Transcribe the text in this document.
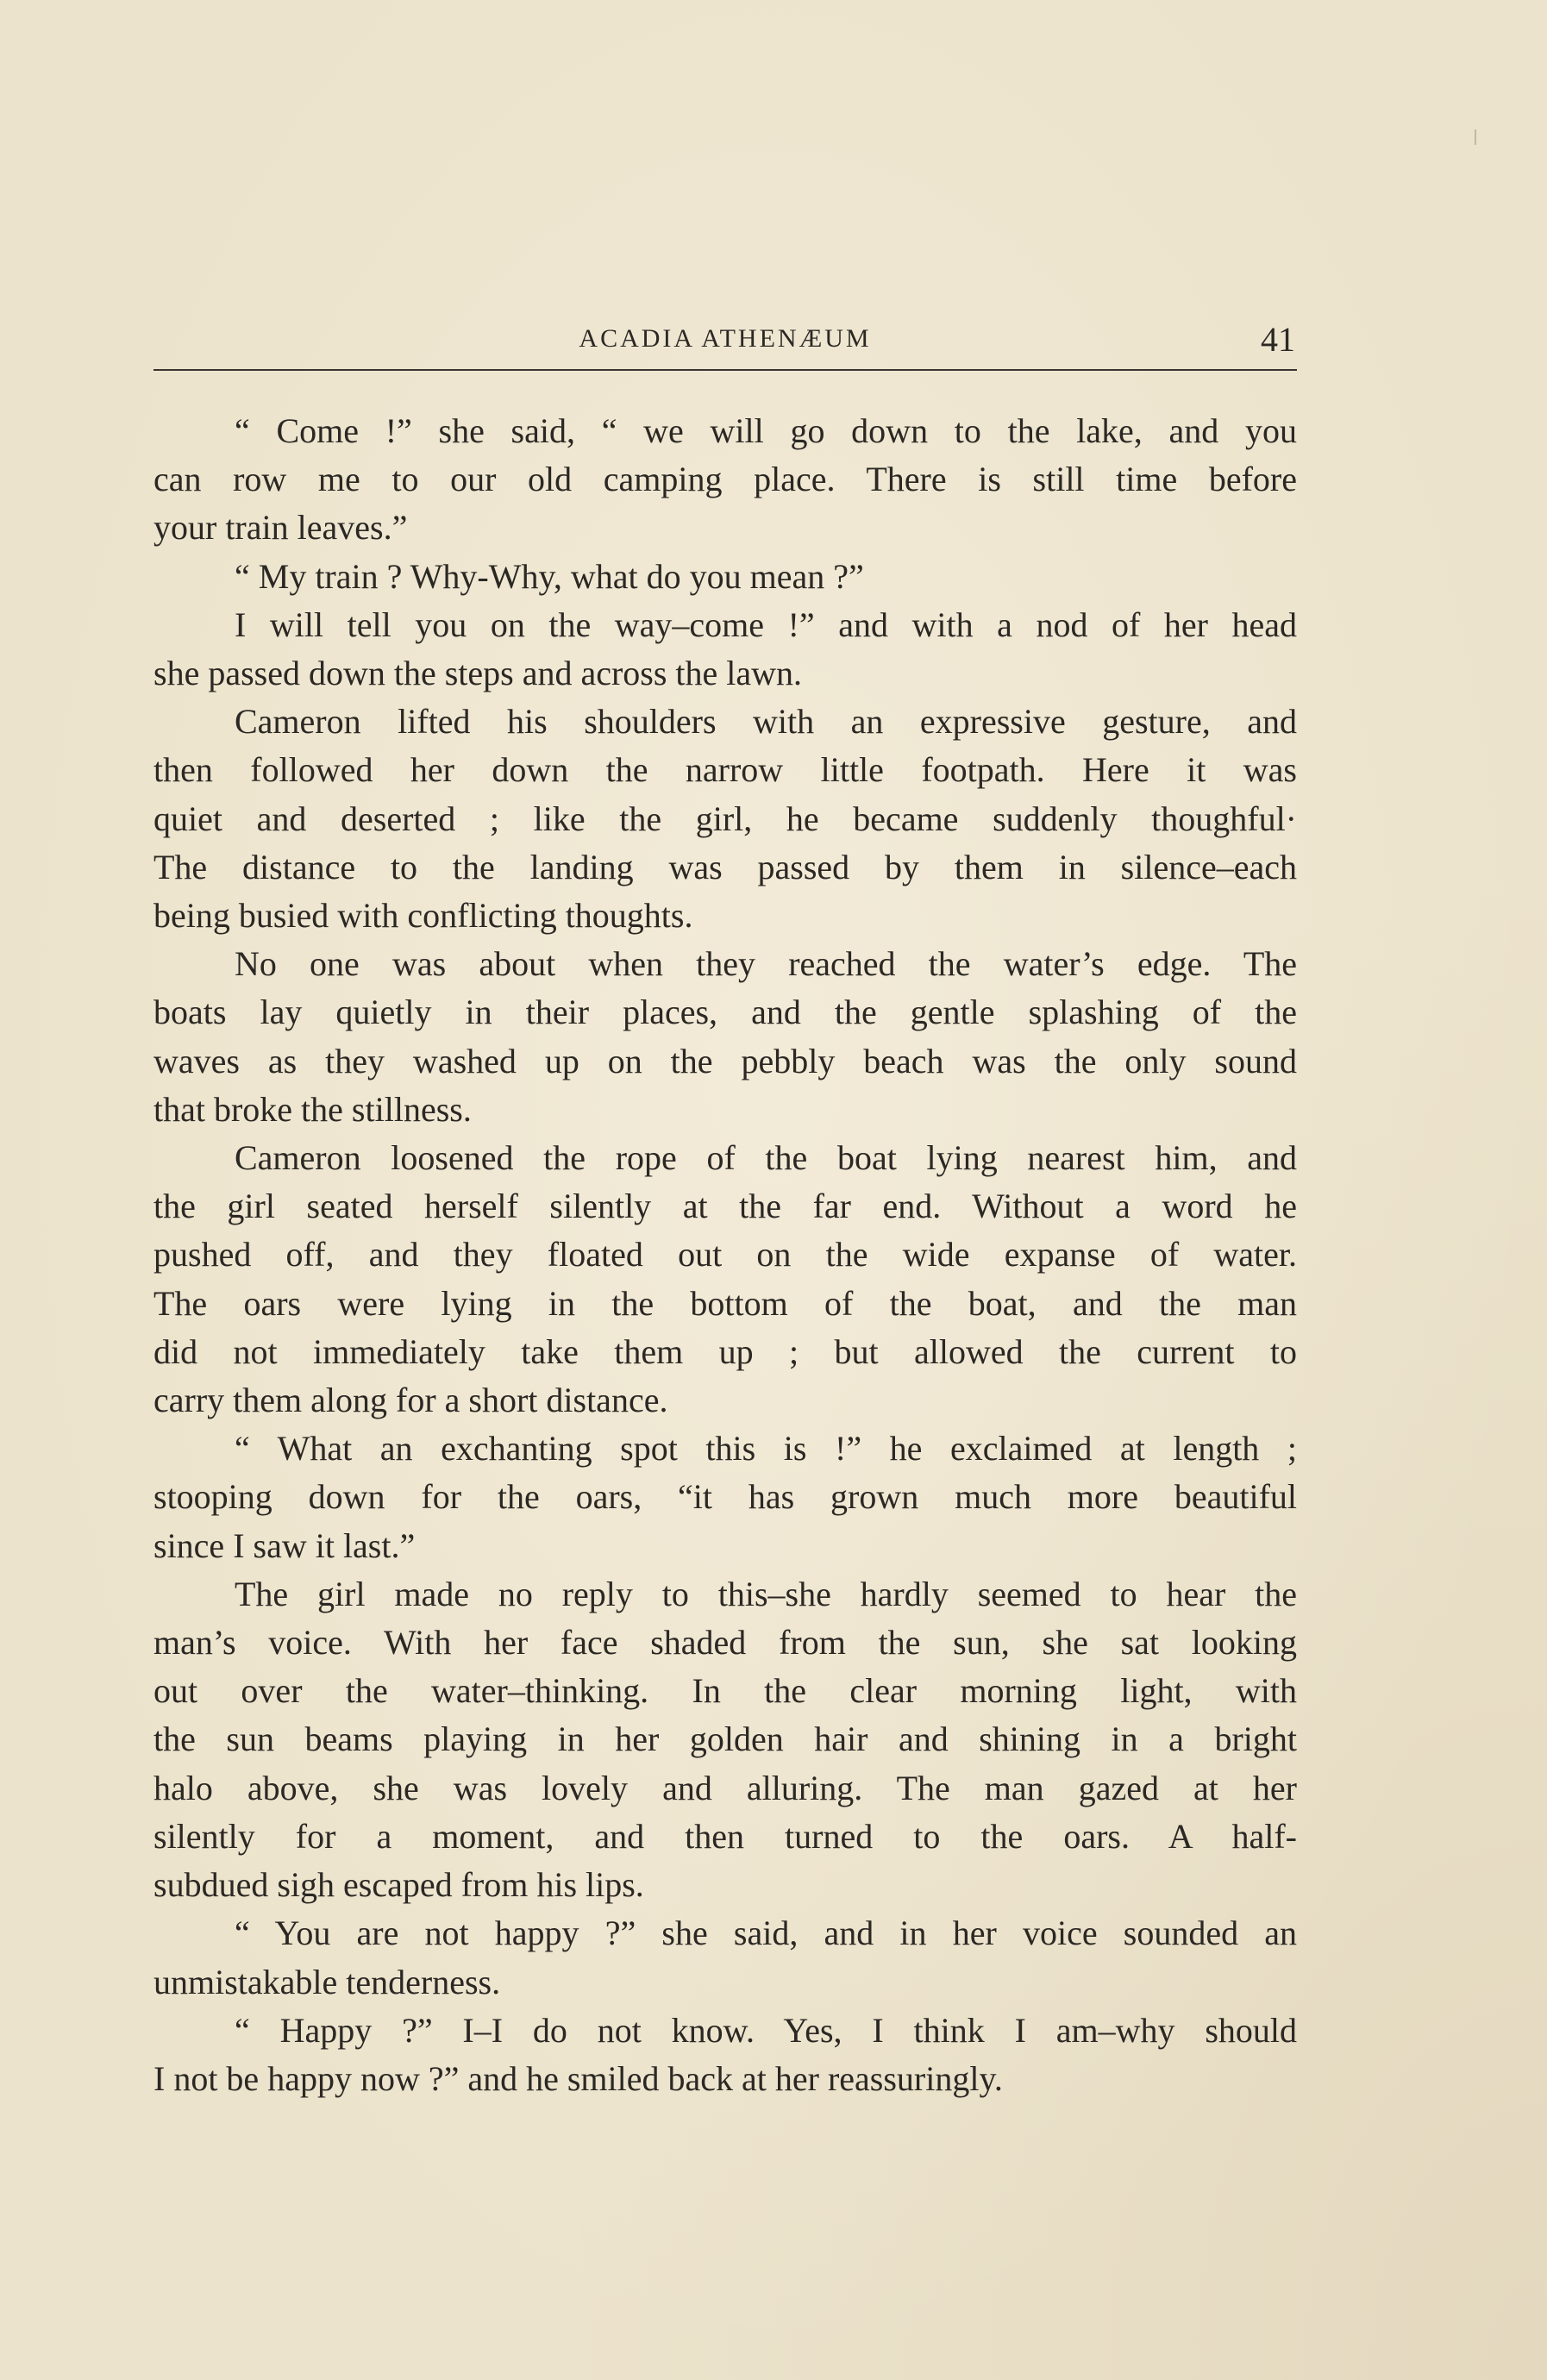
ACADIA ATHENÆUM	41
“ Come !” she said, “ we will go down to the lake, and you
can row me to our old camping place. There is still time before
your train leaves.”
“ My train ? Why-Why, what do you mean ?”
I will tell you on the way–come !” and with a nod of her head
she passed down the steps and across the lawn.
Cameron lifted his shoulders with an expressive gesture, and
then followed her down the narrow little footpath. Here it was
quiet and deserted ; like the girl, he became suddenly thoughful·
The distance to the landing was passed by them in silence–each
being busied with conflicting thoughts.
No one was about when they reached the water’s edge. The
boats lay quietly in their places, and the gentle splashing of the
waves as they washed up on the pebbly beach was the only sound
that broke the stillness.
Cameron loosened the rope of the boat lying nearest him, and
the girl seated herself silently at the far end. Without a word he
pushed off, and they floated out on the wide expanse of water.
The oars were lying in the bottom of the boat, and the man
did not immediately take them up ; but allowed the current to
carry them along for a short distance.
“ What an exchanting spot this is !” he exclaimed at length ;
stooping down for the oars, “it has grown much more beautiful
since I saw it last.”
The girl made no reply to this–she hardly seemed to hear the
man’s voice. With her face shaded from the sun, she sat looking
out over the water–thinking. In the clear morning light, with
the sun beams playing in her golden hair and shining in a bright
halo above, she was lovely and alluring. The man gazed at her
silently for a moment, and then turned to the oars. A half-
subdued sigh escaped from his lips.
“ You are not happy ?” she said, and in her voice sounded an
unmistakable tenderness.
“ Happy ?” I–I do not know. Yes, I think I am–why should
I not be happy now ?” and he smiled back at her reassuringly.
